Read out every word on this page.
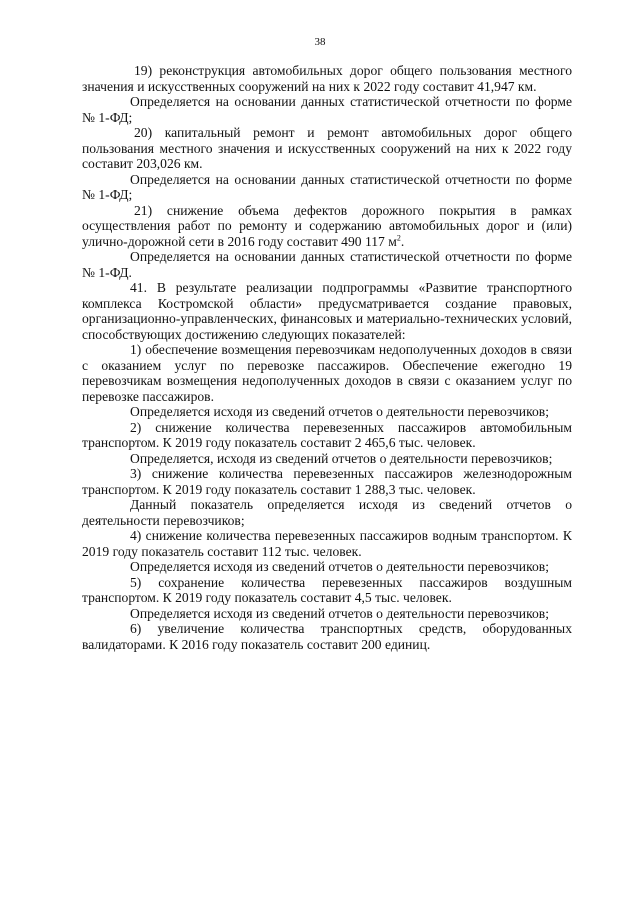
38

19) реконструкция автомобильных дорог общего пользования местного значения и искусственных сооружений на них к 2022 году составит 41,947 км.

Определяется на основании данных статистической отчетности по форме № 1-ФД;

20) капитальный ремонт и ремонт автомобильных дорог общего пользования местного значения и искусственных сооружений на них к 2022 году составит 203,026 км.

Определяется на основании данных статистической отчетности по форме № 1-ФД;

21) снижение объема дефектов дорожного покрытия в рамках осуществления работ по ремонту и содержанию автомобильных дорог и (или) улично-дорожной сети в 2016 году составит 490 117 $м^2$.

Определяется на основании данных статистической отчетности по форме № 1-ФД.

41. В результате реализации подпрограммы «Развитие транспортного комплекса Костромской области» предусматривается создание правовых, организационно-управленческих, финансовых и материально-технических условий, способствующих достижению следующих показателей:

1) обеспечение возмещения перевозчикам недополученных доходов в связи с оказанием услуг по перевозке пассажиров. Обеспечение ежегодно 19 перевозчикам возмещения недополученных доходов в связи с оказанием услуг по перевозке пассажиров.

Определяется исходя из сведений отчетов о деятельности перевозчиков;

2) снижение количества перевезенных пассажиров автомобильным транспортом. К 2019 году показатель составит 2 465,6 тыс. человек.

Определяется, исходя из сведений отчетов о деятельности перевозчиков;

3) снижение количества перевезенных пассажиров железнодорожным транспортом. К 2019 году показатель составит 1 288,3 тыс. человек.

Данный показатель определяется исходя из сведений отчетов о деятельности перевозчиков;

4) снижение количества перевезенных пассажиров водным транспортом. К 2019 году показатель составит 112 тыс. человек.

Определяется исходя из сведений отчетов о деятельности перевозчиков;

5) сохранение количества перевезенных пассажиров воздушным транспортом. К 2019 году показатель составит 4,5 тыс. человек.

Определяется исходя из сведений отчетов о деятельности перевозчиков;

6) увеличение количества транспортных средств, оборудованных валидаторами. К 2016 году показатель составит 200 единиц.
